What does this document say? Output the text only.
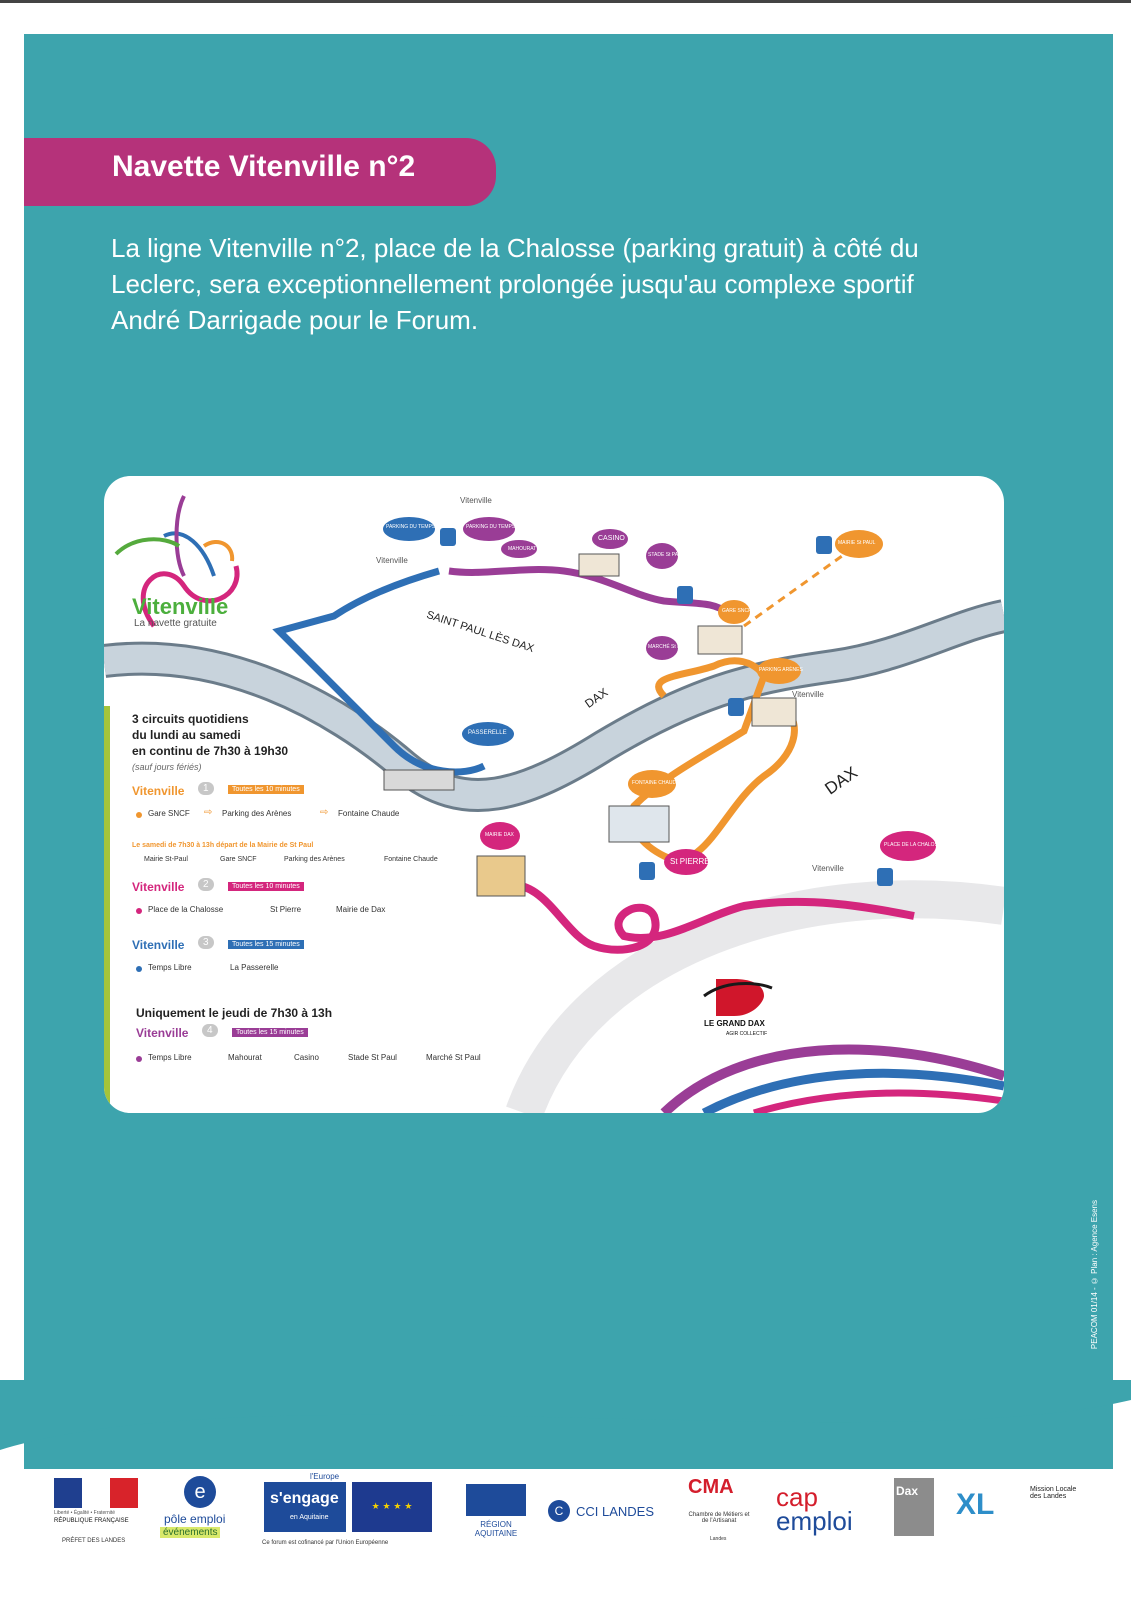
Navette Vitenville n°2

La ligne Vitenville n°2, place de la Chalosse (parking gratuit) à côté du
Leclerc, sera exceptionnellement prolongée jusqu'au complexe sportif
André Darrigade pour le Forum.

Vitenville
La navette gratuite	SAINT PAUL LÈS DAX
DAX
DAX
PARKING DU TEMPS LIBRE	PARKING DU TEMPS LIBRE
MAHOURAT
CASINO
STADE St PAUL
GARE SNCF
MARCHÉ St PAUL
MAIRIE St PAUL
PARKING ARÈNES
PASSERELLE
FONTAINE CHAUDE
MAIRIE DAX
St PIERRE
PLACE DE LA CHALOSSE
Vitenville
Vitenville
Vitenville
Vitenville
LE GRAND DAX
AGIR COLLECTIF
3 circuits quotidiens
du lundi au samedi
en continu de 7h30 à 19h30
(sauf jours fériés)
Vitenville	1	Toutes les 10 minutes
Gare SNCF	Parking des Arènes	Fontaine Chaude
⇨	⇨
Le samedi de 7h30 à 13h départ de la Mairie de St Paul
Mairie St-Paul	Gare SNCF	Parking des Arènes	Fontaine Chaude
Vitenville	2	Toutes les 10 minutes
Place de la Chalosse	St Pierre	Mairie de Dax
Vitenville	3	Toutes les 15 minutes
Temps Libre	La Passerelle
Uniquement le jeudi de 7h30 à 13h
Vitenville	4	Toutes les 15 minutes
Temps Libre	Mahourat	Casino	Stade St Paul	Marché St Paul
PEACOM 01/14 - © Plan : Agence Esens
Liberté • Égalité • Fraternité
RÉPUBLIQUE FRANÇAISE
PRÉFET DES LANDES
e
pôle emploi
événements
l'Europe
s'engage
en Aquitaine
★ ★ ★ ★
Ce forum est cofinancé par l'Union Européenne
RÉGION AQUITAINE
C CCI LANDES
CMA
Chambre de Métiers et de l'Artisanat
Landes
cap
emploi
Dax XL	Mission Locale des Landes
